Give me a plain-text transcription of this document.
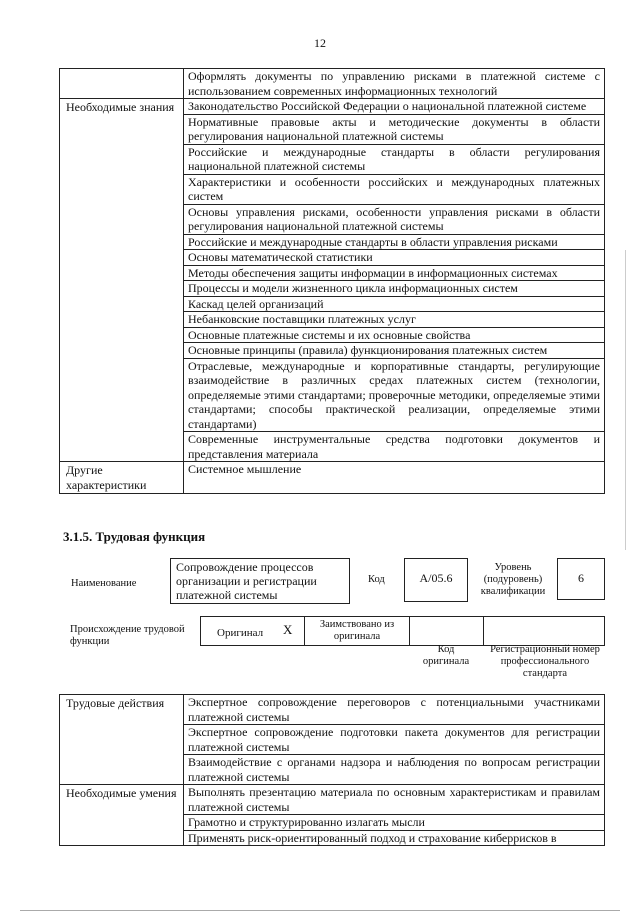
12
	Оформлять документы по управлению рисками в платежной системе с использованием современных информационных технологий
Необходимые знания	Законодательство Российской Федерации о национальной платежной системе
	Нормативные правовые акты и методические документы в области регулирования национальной платежной системы
	Российские и международные стандарты в области регулирования национальной платежной системы
	Характеристики и особенности российских и международных платежных систем
	Основы управления рисками, особенности управления рисками в области регулирования национальной платежной системы
	Российские и международные стандарты в области управления рисками
	Основы математической статистики
	Методы обеспечения защиты информации в информационных системах
	Процессы и модели жизненного цикла информационных систем
	Каскад целей организаций
	Небанковские поставщики платежных услуг
	Основные платежные системы и их основные свойства
	Основные принципы (правила) функционирования платежных систем
	Отраслевые, международные и корпоративные стандарты, регулирующие взаимодействие в различных средах платежных систем (технологии, определяемые этими стандартами; проверочные методики, определяемые этими стандартами; способы практической реализации, определяемые этими стандартами)
	Современные инструментальные средства подготовки документов и представления материала
Другие характеристики	Системное мышление
3.1.5. Трудовая функция
Наименование
Сопровождение процессов организации и регистрации платежной системы
Код	A/05.6
Уровень (подуровень) квалификации
6
Происхождение трудовой функции
Оригинал X	Заимствовано из оригинала
Код оригинала
Регистрационный номер профессионального стандарта
Трудовые действия	Экспертное сопровождение переговоров с потенциальными участниками платежной системы
	Экспертное сопровождение подготовки пакета документов для регистрации платежной системы
	Взаимодействие с органами надзора и наблюдения по вопросам регистрации платежной системы
Необходимые умения	Выполнять презентацию материала по основным характеристикам и правилам платежной системы
	Грамотно и структурированно излагать мысли
	Применять риск-ориентированный подход и страхование киберрисков в
